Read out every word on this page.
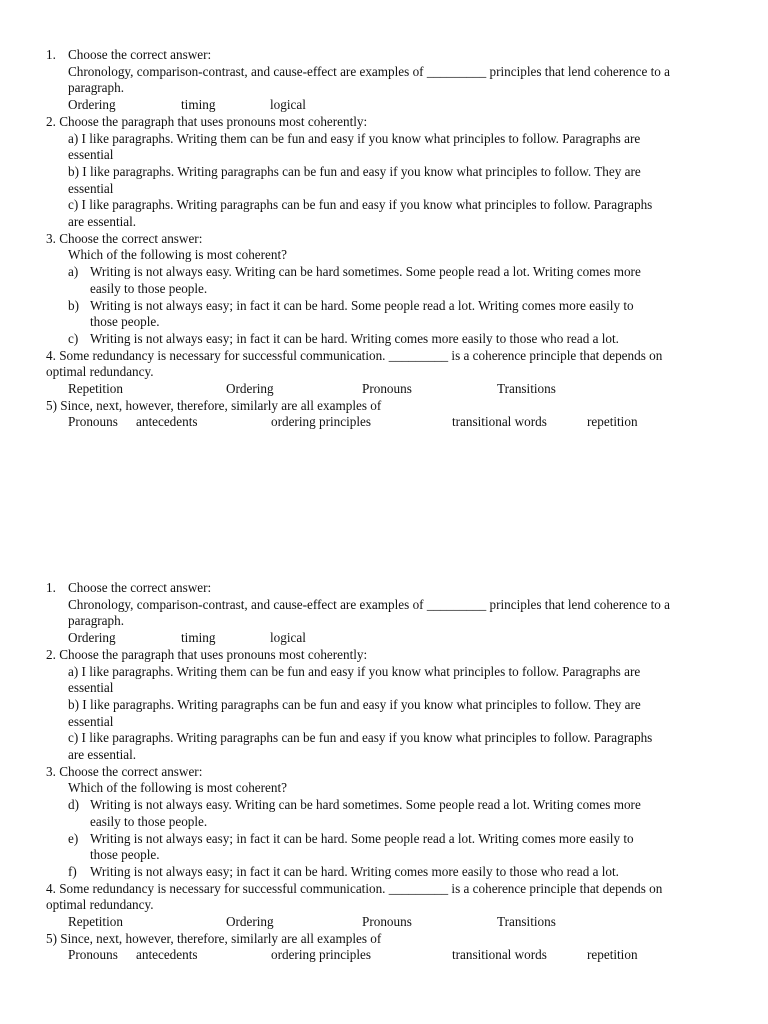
1. Choose the correct answer:
Chronology, comparison-contrast, and cause-effect are examples of _________ principles that lend coherence to a
paragraph.
Ordering	timing	logical
2. Choose the paragraph that uses pronouns most coherently:
a) I like paragraphs. Writing them can be fun and easy if you know what principles to follow. Paragraphs are
essential
b) I like paragraphs. Writing paragraphs can be fun and easy if you know what principles to follow. They are
essential
c) I like paragraphs. Writing paragraphs can be fun and easy if you know what principles to follow. Paragraphs
are essential.
3. Choose the correct answer:
Which of the following is most coherent?
a) Writing is not always easy. Writing can be hard sometimes. Some people read a lot. Writing comes more
easily to those people.
b) Writing is not always easy; in fact it can be hard. Some people read a lot. Writing comes more easily to
those people.
c) Writing is not always easy; in fact it can be hard. Writing comes more easily to those who read a lot.
4. Some redundancy is necessary for successful communication. _________ is a coherence principle that depends on
optimal redundancy.
Repetition	Ordering	Pronouns	Transitions
5) Since, next, however, therefore, similarly are all examples of
Pronouns antecedents	ordering principles	transitional words	repetition
1. Choose the correct answer:
Chronology, comparison-contrast, and cause-effect are examples of _________ principles that lend coherence to a
paragraph.
Ordering	timing	logical
2. Choose the paragraph that uses pronouns most coherently:
a) I like paragraphs. Writing them can be fun and easy if you know what principles to follow. Paragraphs are
essential
b) I like paragraphs. Writing paragraphs can be fun and easy if you know what principles to follow. They are
essential
c) I like paragraphs. Writing paragraphs can be fun and easy if you know what principles to follow. Paragraphs
are essential.
3. Choose the correct answer:
Which of the following is most coherent?
d) Writing is not always easy. Writing can be hard sometimes. Some people read a lot. Writing comes more
easily to those people.
e) Writing is not always easy; in fact it can be hard. Some people read a lot. Writing comes more easily to
those people.
f) Writing is not always easy; in fact it can be hard. Writing comes more easily to those who read a lot.
4. Some redundancy is necessary for successful communication. _________ is a coherence principle that depends on
optimal redundancy.
Repetition	Ordering	Pronouns	Transitions
5) Since, next, however, therefore, similarly are all examples of
Pronouns antecedents	ordering principles	transitional words	repetition
